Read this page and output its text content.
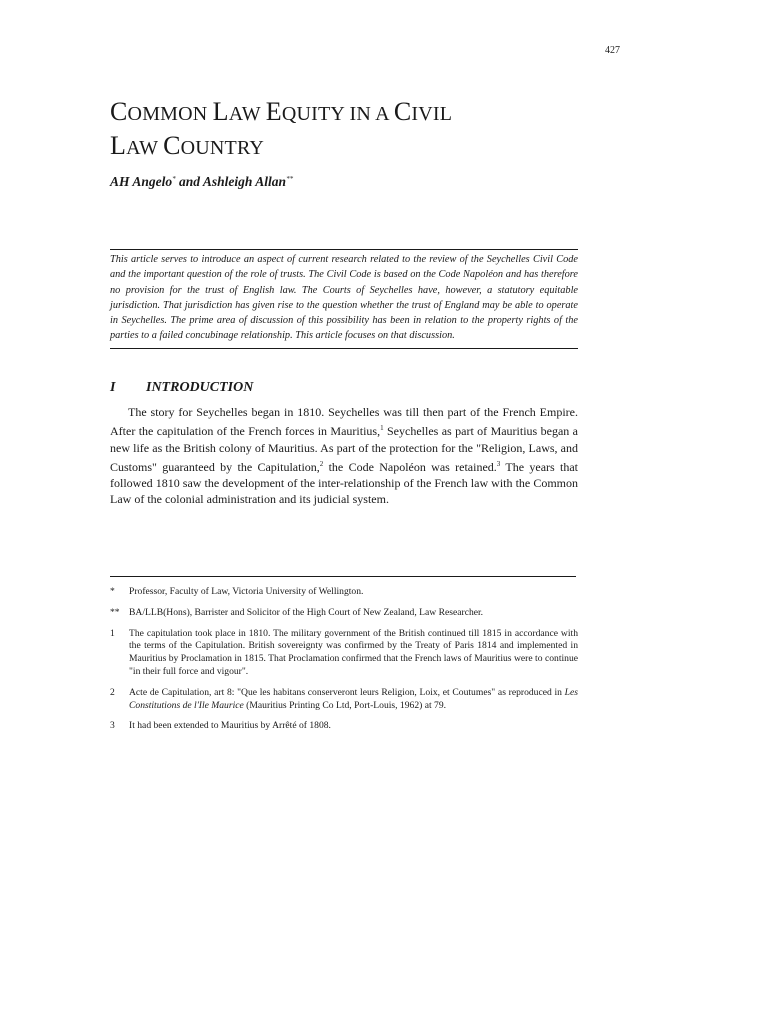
427
COMMON LAW EQUITY IN A CIVIL
LAW COUNTRY
AH Angelo* and Ashleigh Allan**
This article serves to introduce an aspect of current research related to the review of the Seychelles Civil Code and the important question of the role of trusts. The Civil Code is based on the Code Napoléon and has therefore no provision for the trust of English law. The Courts of Seychelles have, however, a statutory equitable jurisdiction. That jurisdiction has given rise to the question whether the trust of England may be able to operate in Seychelles. The prime area of discussion of this possibility has been in relation to the property rights of the parties to a failed concubinage relationship. This article focuses on that discussion.
I INTRODUCTION

The story for Seychelles began in 1810. Seychelles was till then part of the French Empire. After the capitulation of the French forces in Mauritius,$^1$ Seychelles as part of Mauritius began a new life as the British colony of Mauritius. As part of the protection for the "Religion, Laws, and Customs" guaranteed by the Capitulation,$^2$ the Code Napoléon was retained.$^3$ The years that followed 1810 saw the development of the inter-relationship of the French law with the Common Law of the colonial administration and its judicial system.

*	Professor, Faculty of Law, Victoria University of Wellington.
** BA/LLB(Hons), Barrister and Solicitor of the High Court of New Zealand, Law Researcher.
1	The capitulation took place in 1810. The military government of the British continued till 1815 in accordance with the terms of the Capitulation. British sovereignty was confirmed by the Treaty of Paris 1814 and implemented in Mauritius by Proclamation in 1815. That Proclamation confirmed that the French laws of Mauritius were to continue "in their full force and vigour".
2	Acte de Capitulation, art 8: "Que les habitans conserveront leurs Religion, Loix, et Coutumes" as reproduced in Les Constitutions de l'Ile Maurice (Mauritius Printing Co Ltd, Port-Louis, 1962) at 79.
3	It had been extended to Mauritius by Arrêté of 1808.
